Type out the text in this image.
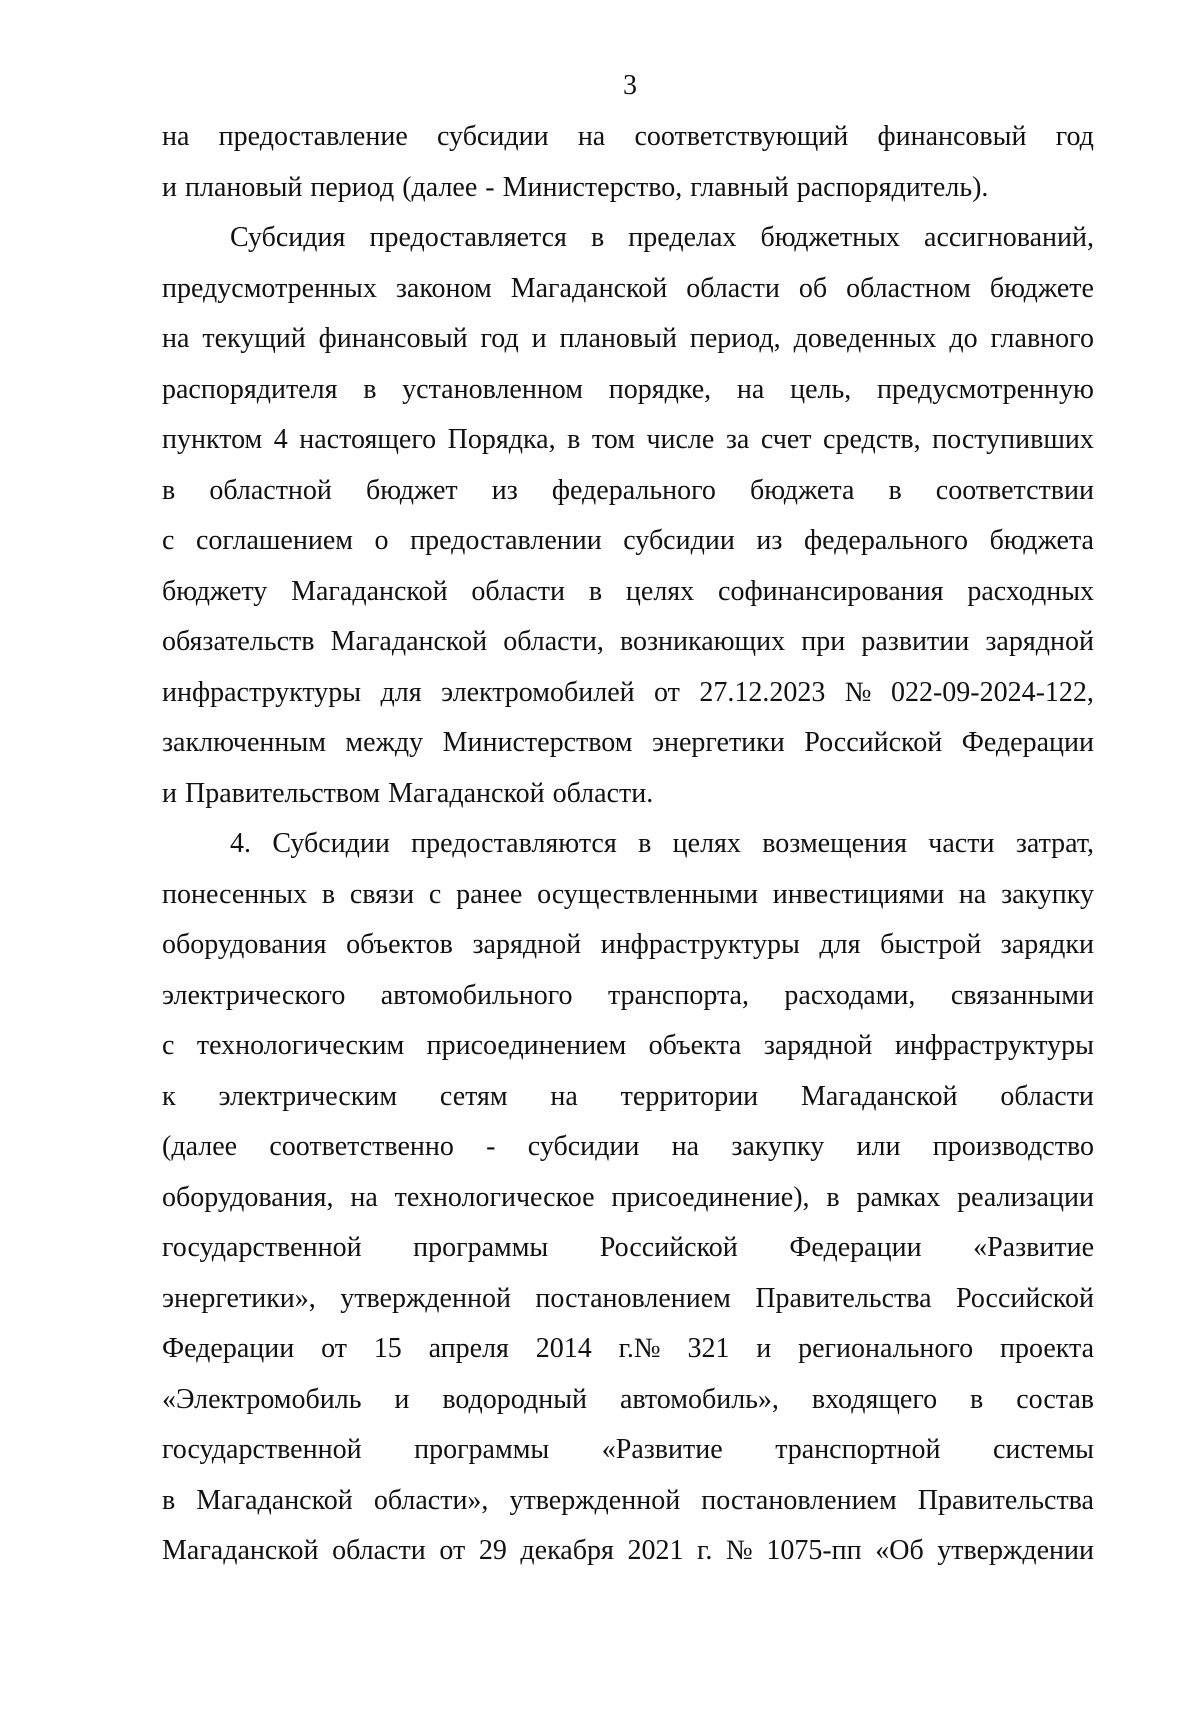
3
на предоставление субсидии на соответствующий финансовый год
и плановый период (далее - Министерство, главный распорядитель).
Субсидия предоставляется в пределах бюджетных ассигнований,
предусмотренных законом Магаданской области об областном бюджете
на текущий финансовый год и плановый период, доведенных до главного
распорядителя в установленном порядке, на цель, предусмотренную
пунктом 4 настоящего Порядка, в том числе за счет средств, поступивших
в областной бюджет из федерального бюджета в соответствии
с соглашением о предоставлении субсидии из федерального бюджета
бюджету Магаданской области в целях софинансирования расходных
обязательств Магаданской области, возникающих при развитии зарядной
инфраструктуры для электромобилей от 27.12.2023 № 022-09-2024-122,
заключенным между Министерством энергетики Российской Федерации
и Правительством Магаданской области.
4. Субсидии предоставляются в целях возмещения части затрат,
понесенных в связи с ранее осуществленными инвестициями на закупку
оборудования объектов зарядной инфраструктуры для быстрой зарядки
электрического автомобильного транспорта, расходами, связанными
с технологическим присоединением объекта зарядной инфраструктуры
к электрическим сетям на территории Магаданской области
(далее соответственно - субсидии на закупку или производство
оборудования, на технологическое присоединение), в рамках реализации
государственной программы Российской Федерации «Развитие
энергетики», утвержденной постановлением Правительства Российской
Федерации от 15 апреля 2014 г.№ 321 и регионального проекта
«Электромобиль и водородный автомобиль», входящего в состав
государственной программы «Развитие транспортной системы
в Магаданской области», утвержденной постановлением Правительства
Магаданской области от 29 декабря 2021 г. № 1075-пп «Об утверждении
